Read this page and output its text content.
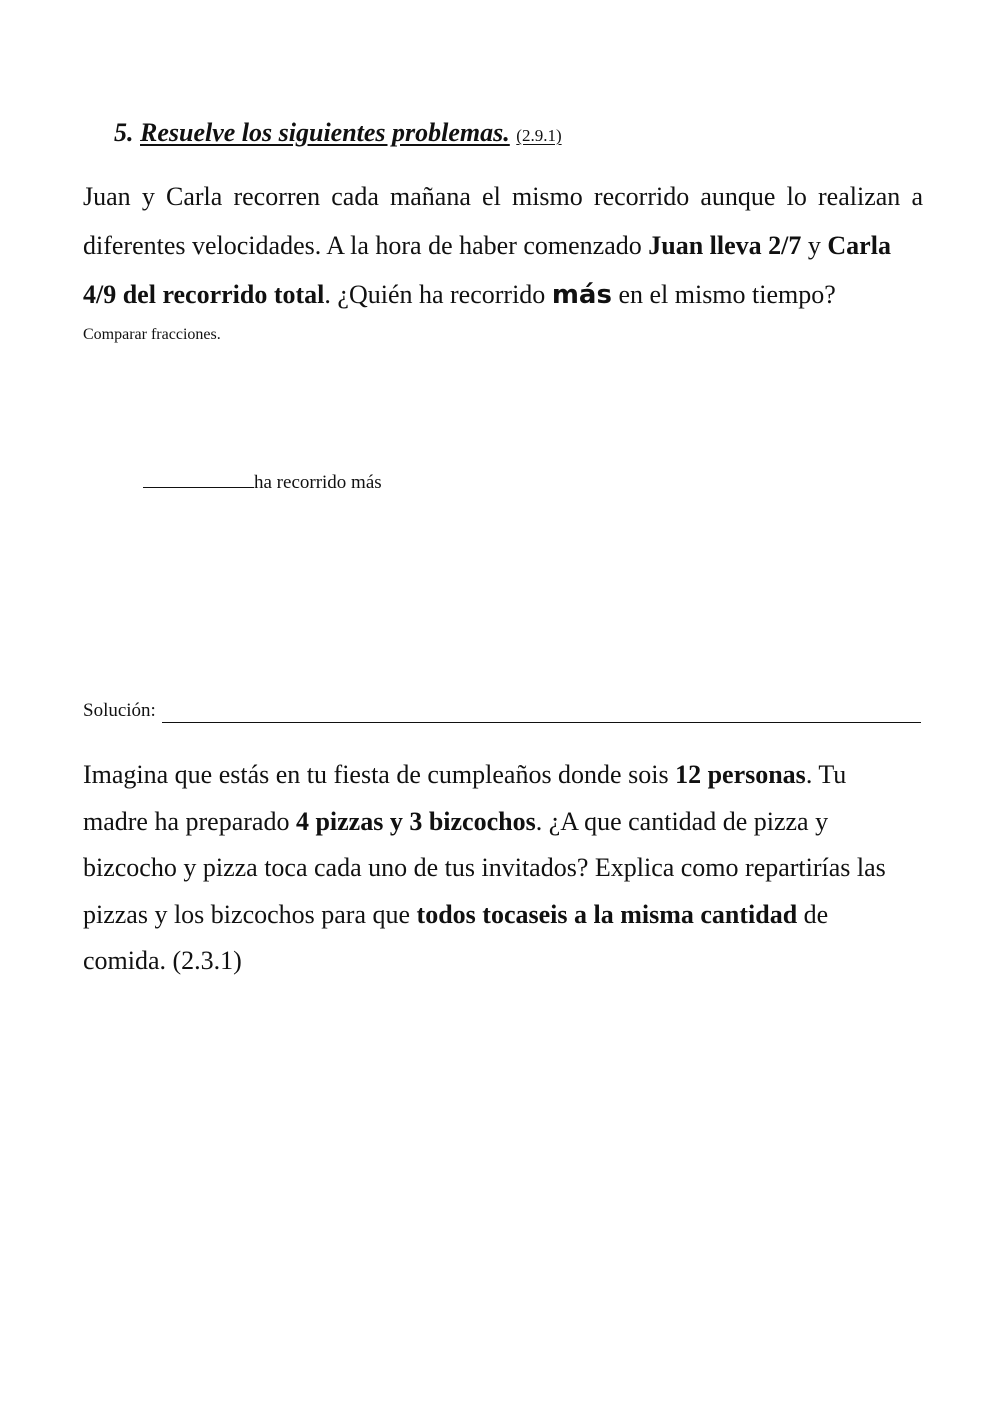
5. Resuelve los siguientes problemas. (2.9.1)
Juan y Carla recorren cada mañana el mismo recorrido aunque lo realizan a
diferentes velocidades. A la hora de haber comenzado Juan lleva 2/7 y Carla
4/9 del recorrido total. ¿Quién ha recorrido más en el mismo tiempo?
Comparar fracciones.
ha recorrido más
Solución:
Imagina que estás en tu fiesta de cumpleaños donde sois 12 personas. Tu
madre ha preparado 4 pizzas y 3 bizcochos. ¿A que cantidad de pizza y
bizcocho y pizza toca cada uno de tus invitados? Explica como repartirías las
pizzas y los bizcochos para que todos tocaseis a la misma cantidad de
comida. (2.3.1)
